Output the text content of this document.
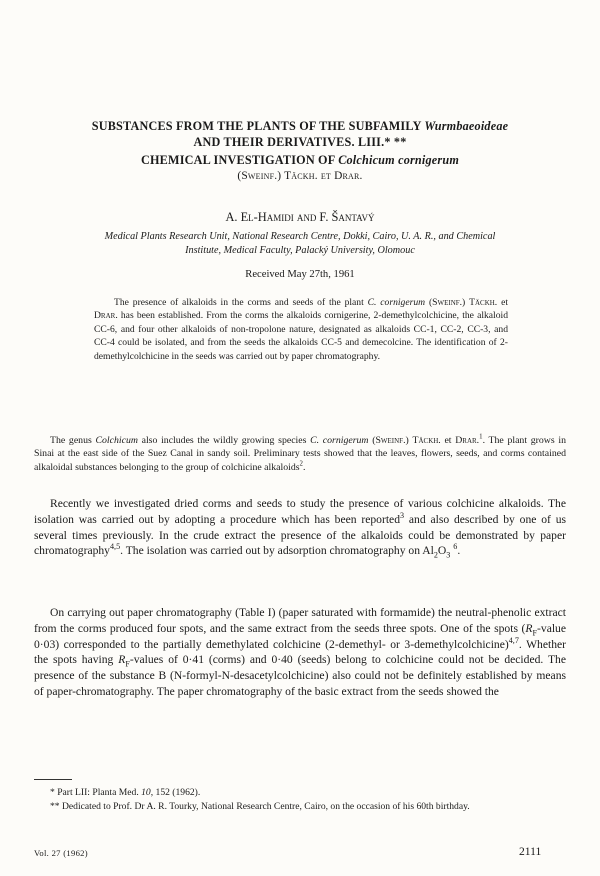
SUBSTANCES FROM THE PLANTS OF THE SUBFAMILY Wurmbaeoideae
AND THEIR DERIVATIVES. LIII.* **
CHEMICAL INVESTIGATION OF Colchicum cornigerum
(Sweinf.) Täckh. et Drar.
A. El-Hamidi and F. Šantavý
Medical Plants Research Unit, National Research Centre, Dokki, Cairo, U. A. R., and Chemical
Institute, Medical Faculty, Palacký University, Olomouc
Received May 27th, 1961

The presence of alkaloids in the corms and seeds of the plant C. cornigerum (Sweinf.) Täckh. et Drar. has been established. From the corms the alkaloids cornigerine, 2-demethylcolchicine, the alkaloid CC-6, and four other alkaloids of non-tropolone nature, designated as alkaloids CC-1, CC-2, CC-3, and CC-4 could be isolated, and from the seeds the alkaloids CC-5 and demecolcine. The identification of 2-demethylcolchicine in the seeds was carried out by paper chromatography.

The genus Colchicum also includes the wildly growing species C. cornigerum (Sweinf.) Täckh. et Drar.$^1$. The plant grows in Sinai at the east side of the Suez Canal in sandy soil. Preliminary tests showed that the leaves, flowers, seeds, and corms contained alkaloidal substances belonging to the group of colchicine alkaloids$^2$.

Recently we investigated dried corms and seeds to study the presence of various colchicine alkaloids. The isolation was carried out by adopting a procedure which has been reported$^3$ and also described by one of us several times previously. In the crude extract the presence of the alkaloids could be demonstrated by paper chromatography$^{4,5}$. The isolation was carried out by adsorption chromatography on $Al_2O_3$ $^6$.

On carrying out paper chromatography (Table I) (paper saturated with formamide) the neutral-phenolic extract from the corms produced four spots, and the same extract from the seeds three spots. One of the spots ($R_F$-value 0·03) corresponded to the partially demethylated colchicine (2-demethyl- or 3-demethylcolchicine)$^{4,7}$. Whether the spots having $R_F$-values of 0·41 (corms) and 0·40 (seeds) belong to colchicine could not be decided. The presence of the substance B (N-formyl-N-desacetylcolchicine) also could not be definitely established by means of paper-chromatography. The paper chromatography of the basic extract from the seeds showed the

* Part LII: Planta Med. 10, 152 (1962).
** Dedicated to Prof. Dr A. R. Tourky, National Research Centre, Cairo, on the occasion of his 60th birthday.
Vol. 27 (1962)	2111
